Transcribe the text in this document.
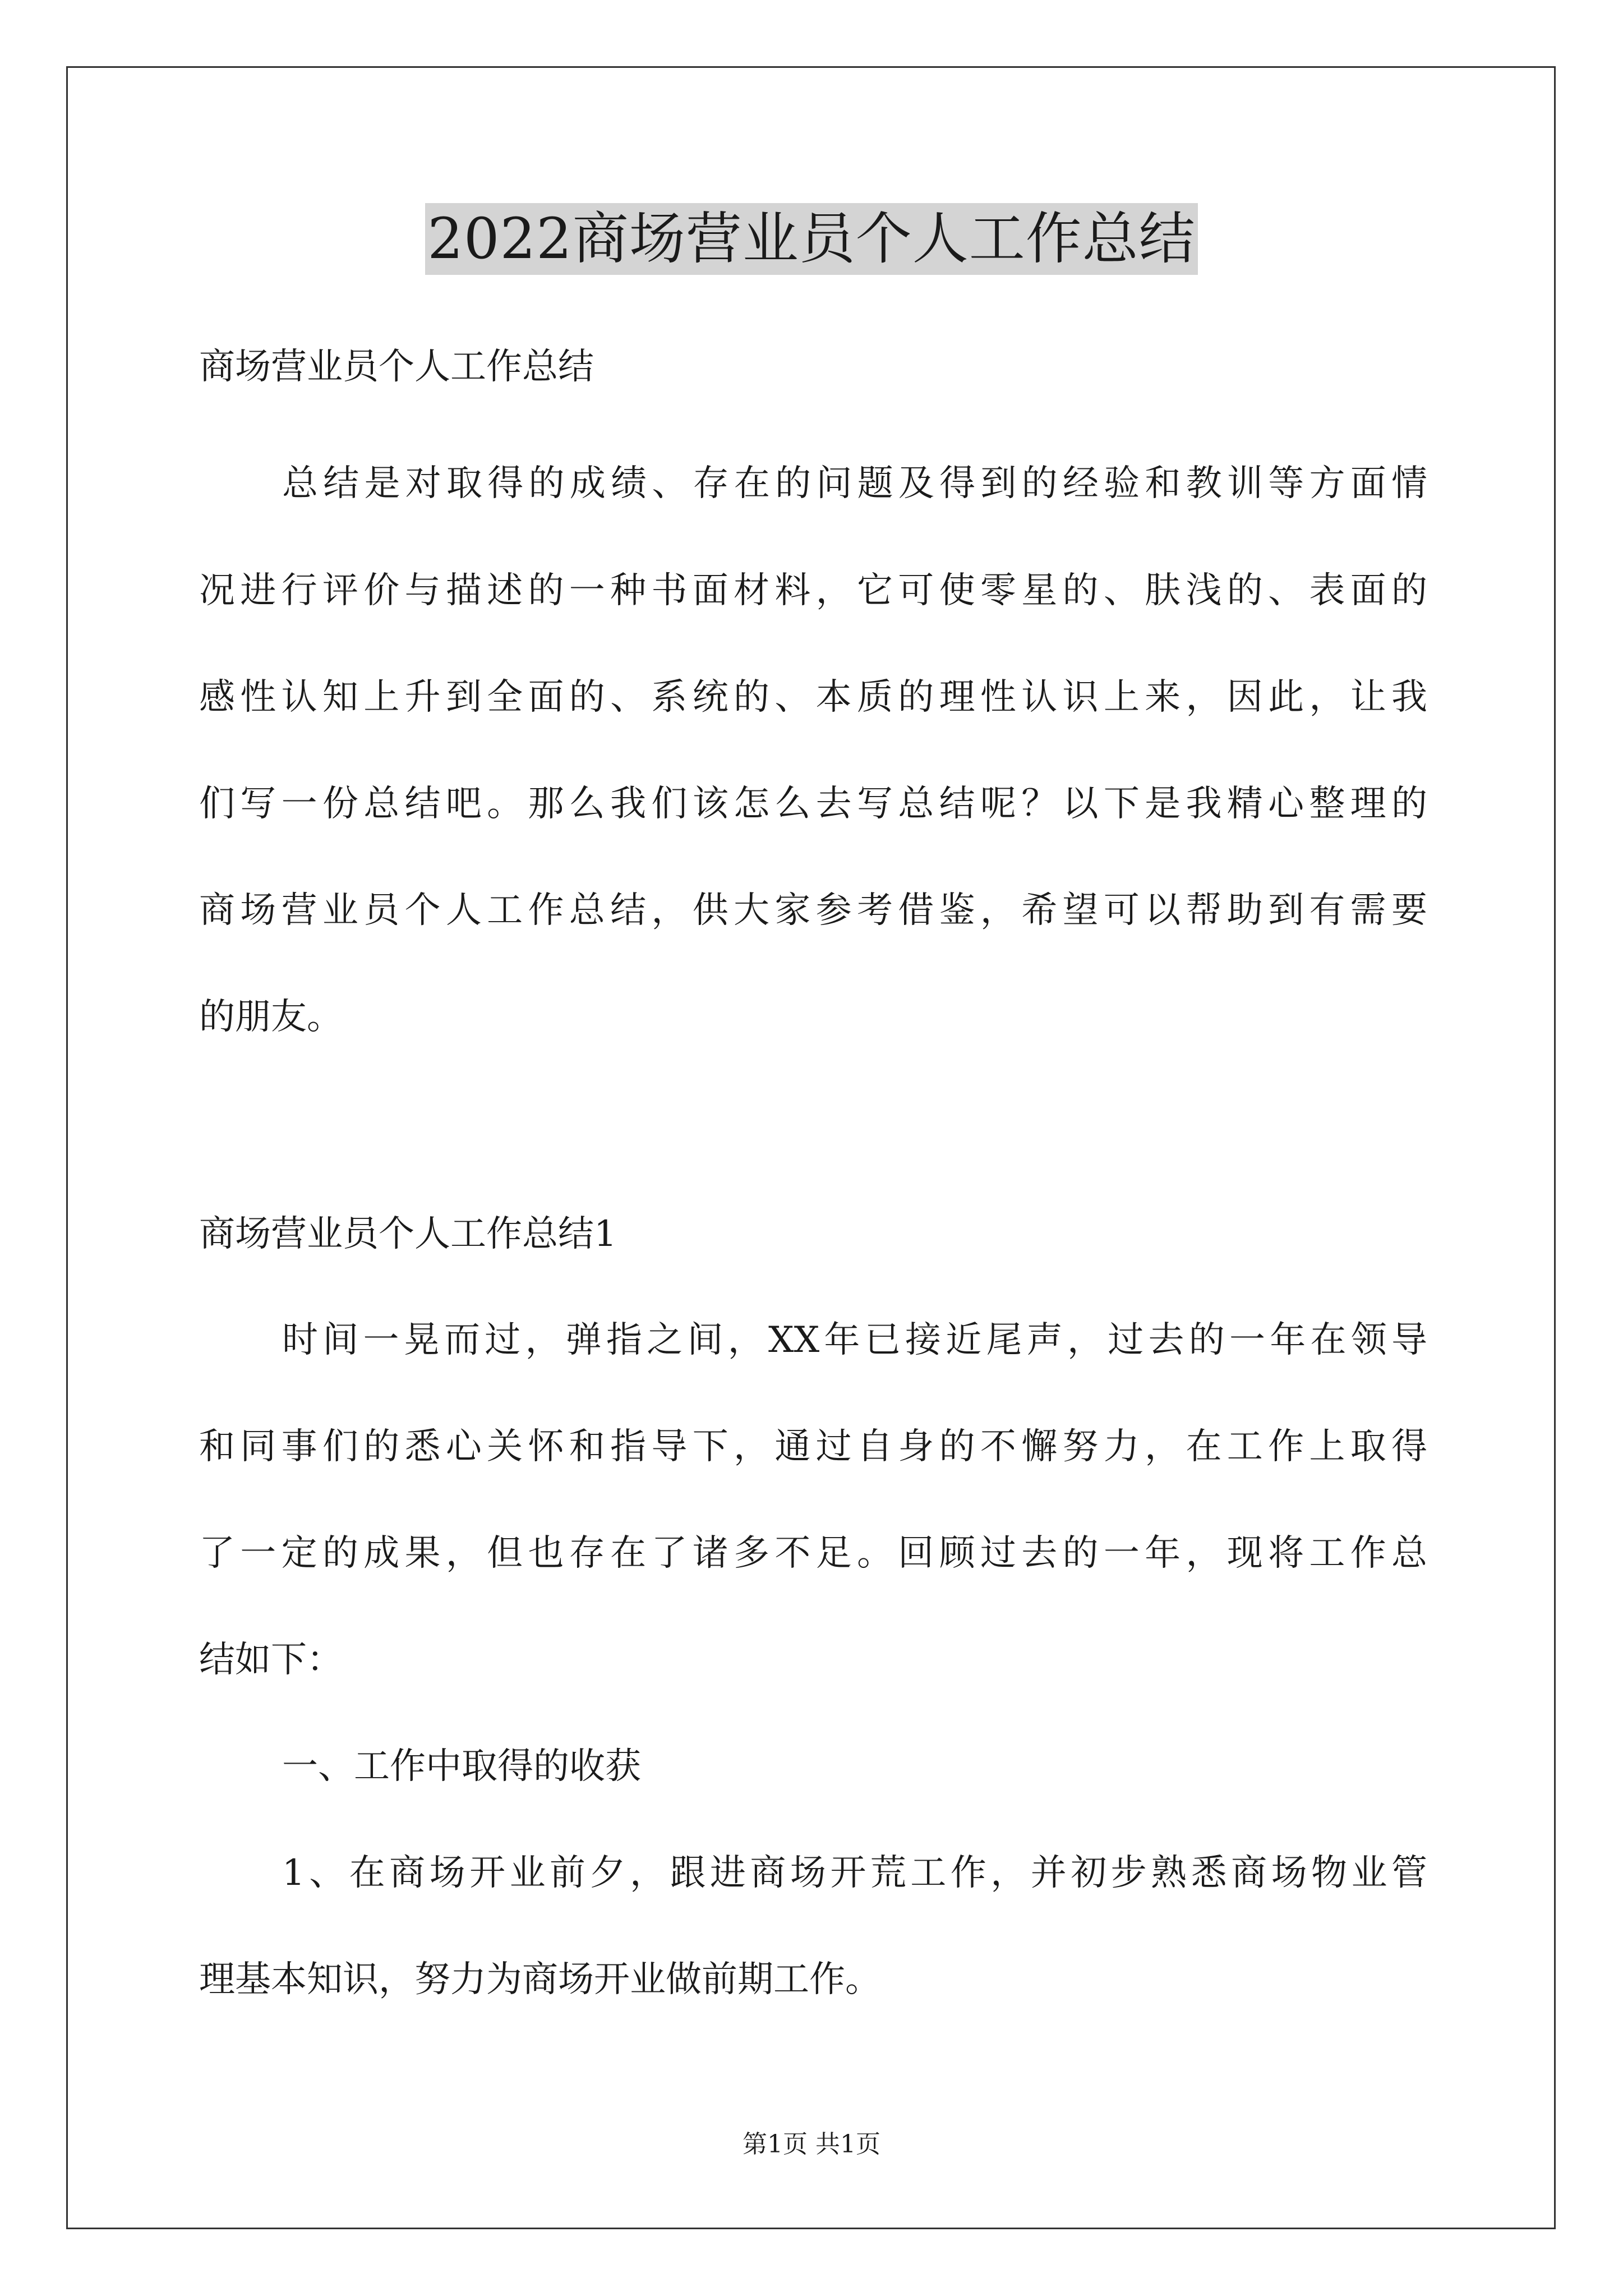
2022商场营业员个人工作总结

商场营业员个人工作总结

总结是对取得的成绩、存在的问题及得到的经验和教训等方面情

况进行评价与描述的一种书面材料，它可使零星的、肤浅的、表面的

感性认知上升到全面的、系统的、本质的理性认识上来，因此，让我

们写一份总结吧。那么我们该怎么去写总结呢？以下是我精心整理的

商场营业员个人工作总结，供大家参考借鉴，希望可以帮助到有需要

的朋友。

商场营业员个人工作总结1

时间一晃而过，弹指之间，XX年已接近尾声，过去的一年在领导

和同事们的悉心关怀和指导下，通过自身的不懈努力，在工作上取得

了一定的成果，但也存在了诸多不足。回顾过去的一年，现将工作总

结如下：

一、工作中取得的收获

1、在商场开业前夕，跟进商场开荒工作，并初步熟悉商场物业管

理基本知识，努力为商场开业做前期工作。

第1页 共1页
